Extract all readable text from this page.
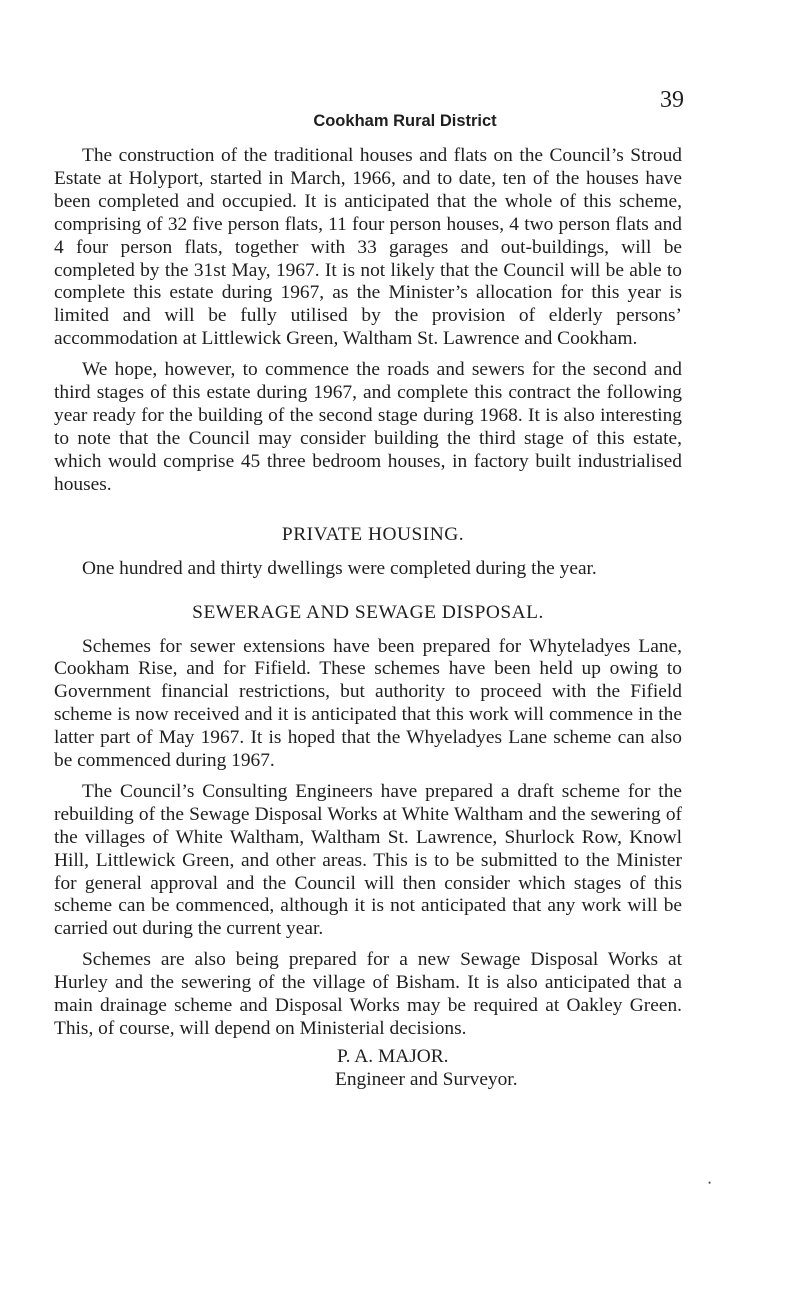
39
Cookham Rural District

The construction of the traditional houses and flats on the Council’s Stroud Estate at Holyport, started in March, 1966, and to date, ten of the houses have been completed and occupied. It is anticipated that the whole of this scheme, comprising of 32 five person flats, 11 four person houses, 4 two person flats and 4 four person flats, together with 33 garages and out-buildings, will be completed by the 31st May, 1967. It is not likely that the Council will be able to complete this estate during 1967, as the Minister’s allocation for this year is limited and will be fully utilised by the provision of elderly persons’ accommodation at Littlewick Green, Waltham St. Lawrence and Cookham.

We hope, however, to commence the roads and sewers for the second and third stages of this estate during 1967, and complete this contract the following year ready for the building of the second stage during 1968. It is also interesting to note that the Council may consider building the third stage of this estate, which would comprise 45 three bedroom houses, in factory built industrialised houses.

PRIVATE HOUSING.

One hundred and thirty dwellings were completed during the year.

SEWERAGE AND SEWAGE DISPOSAL.

Schemes for sewer extensions have been prepared for Whyteladyes Lane, Cookham Rise, and for Fifield. These schemes have been held up owing to Government financial restrictions, but authority to proceed with the Fifield scheme is now received and it is anticipated that this work will commence in the latter part of May 1967. It is hoped that the Whyeladyes Lane scheme can also be commenced during 1967.

The Council’s Consulting Engineers have prepared a draft scheme for the rebuilding of the Sewage Disposal Works at White Waltham and the sewering of the villages of White Waltham, Waltham St. Lawrence, Shurlock Row, Knowl Hill, Littlewick Green, and other areas. This is to be submitted to the Minister for general approval and the Council will then consider which stages of this scheme can be commenced, although it is not anticipated that any work will be carried out during the current year.

Schemes are also being prepared for a new Sewage Disposal Works at Hurley and the sewering of the village of Bisham. It is also anticipated that a main drainage scheme and Disposal Works may be required at Oakley Green. This, of course, will depend on Ministerial decisions.

P. A. MAJOR.
Engineer and Surveyor.
•
